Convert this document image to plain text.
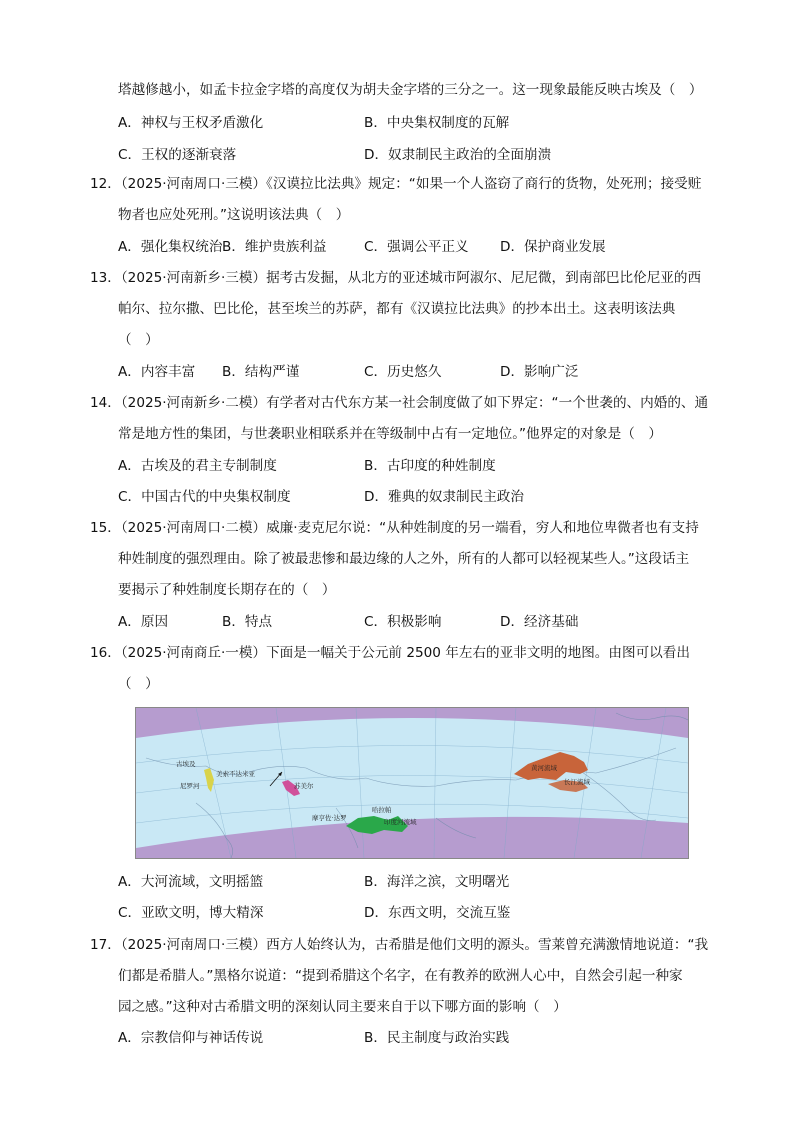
塔越修越小，如孟卡拉金字塔的高度仅为胡夫金字塔的三分之一。这一现象最能反映古埃及（　）
A．神权与王权矛盾激化	B．中央集权制度的瓦解
C．王权的逐渐衰落	D．奴隶制民主政治的全面崩溃
12．（2025·河南周口·三模）《汉谟拉比法典》规定：“如果一个人盗窃了商行的货物，处死刑；接受赃
物者也应处死刑。”这说明该法典（　）
A．强化集权统治 B．维护贵族利益	C．强调公平正义 D．保护商业发展
13．（2025·河南新乡·三模）据考古发掘，从北方的亚述城市阿淑尔、尼尼微，到南部巴比伦尼亚的西
帕尔、拉尔撒、巴比伦，甚至埃兰的苏萨，都有《汉谟拉比法典》的抄本出土。这表明该法典
（　）
A．内容丰富 B．结构严谨	C．历史悠久	D．影响广泛
14．（2025·河南新乡·二模）有学者对古代东方某一社会制度做了如下界定：“一个世袭的、内婚的、通
常是地方性的集团，与世袭职业相联系并在等级制中占有一定地位。”他界定的对象是（　）
A．古埃及的君主专制制度	B．古印度的种姓制度
C．中国古代的中央集权制度	D．雅典的奴隶制民主政治
15．（2025·河南周口·二模）威廉·麦克尼尔说：“从种姓制度的另一端看，穷人和地位卑微者也有支持
种姓制度的强烈理由。除了被最悲惨和最边缘的人之外，所有的人都可以轻视某些人。”这段话主
要揭示了种姓制度长期存在的（　）
A．原因	B．特点	C．积极影响	D．经济基础
16．（2025·河南商丘·一模）下面是一幅关于公元前 2500 年左右的亚非文明的地图。由图可以看出
（　）
古埃及
尼罗河
美索不达米亚
苏美尔
哈拉帕
摩亨佐·达罗	印度河流域
黄河流域
长江流域
A．大河流域，文明摇篮	B．海洋之滨，文明曙光
C．亚欧文明，博大精深	D．东西文明，交流互鉴
17．（2025·河南周口·三模）西方人始终认为，古希腊是他们文明的源头。雪莱曾充满激情地说道：“我
们都是希腊人。”黑格尔说道：“提到希腊这个名字，在有教养的欧洲人心中，自然会引起一种家
园之感。”这种对古希腊文明的深刻认同主要来自于以下哪方面的影响（　）
A．宗教信仰与神话传说	B．民主制度与政治实践
